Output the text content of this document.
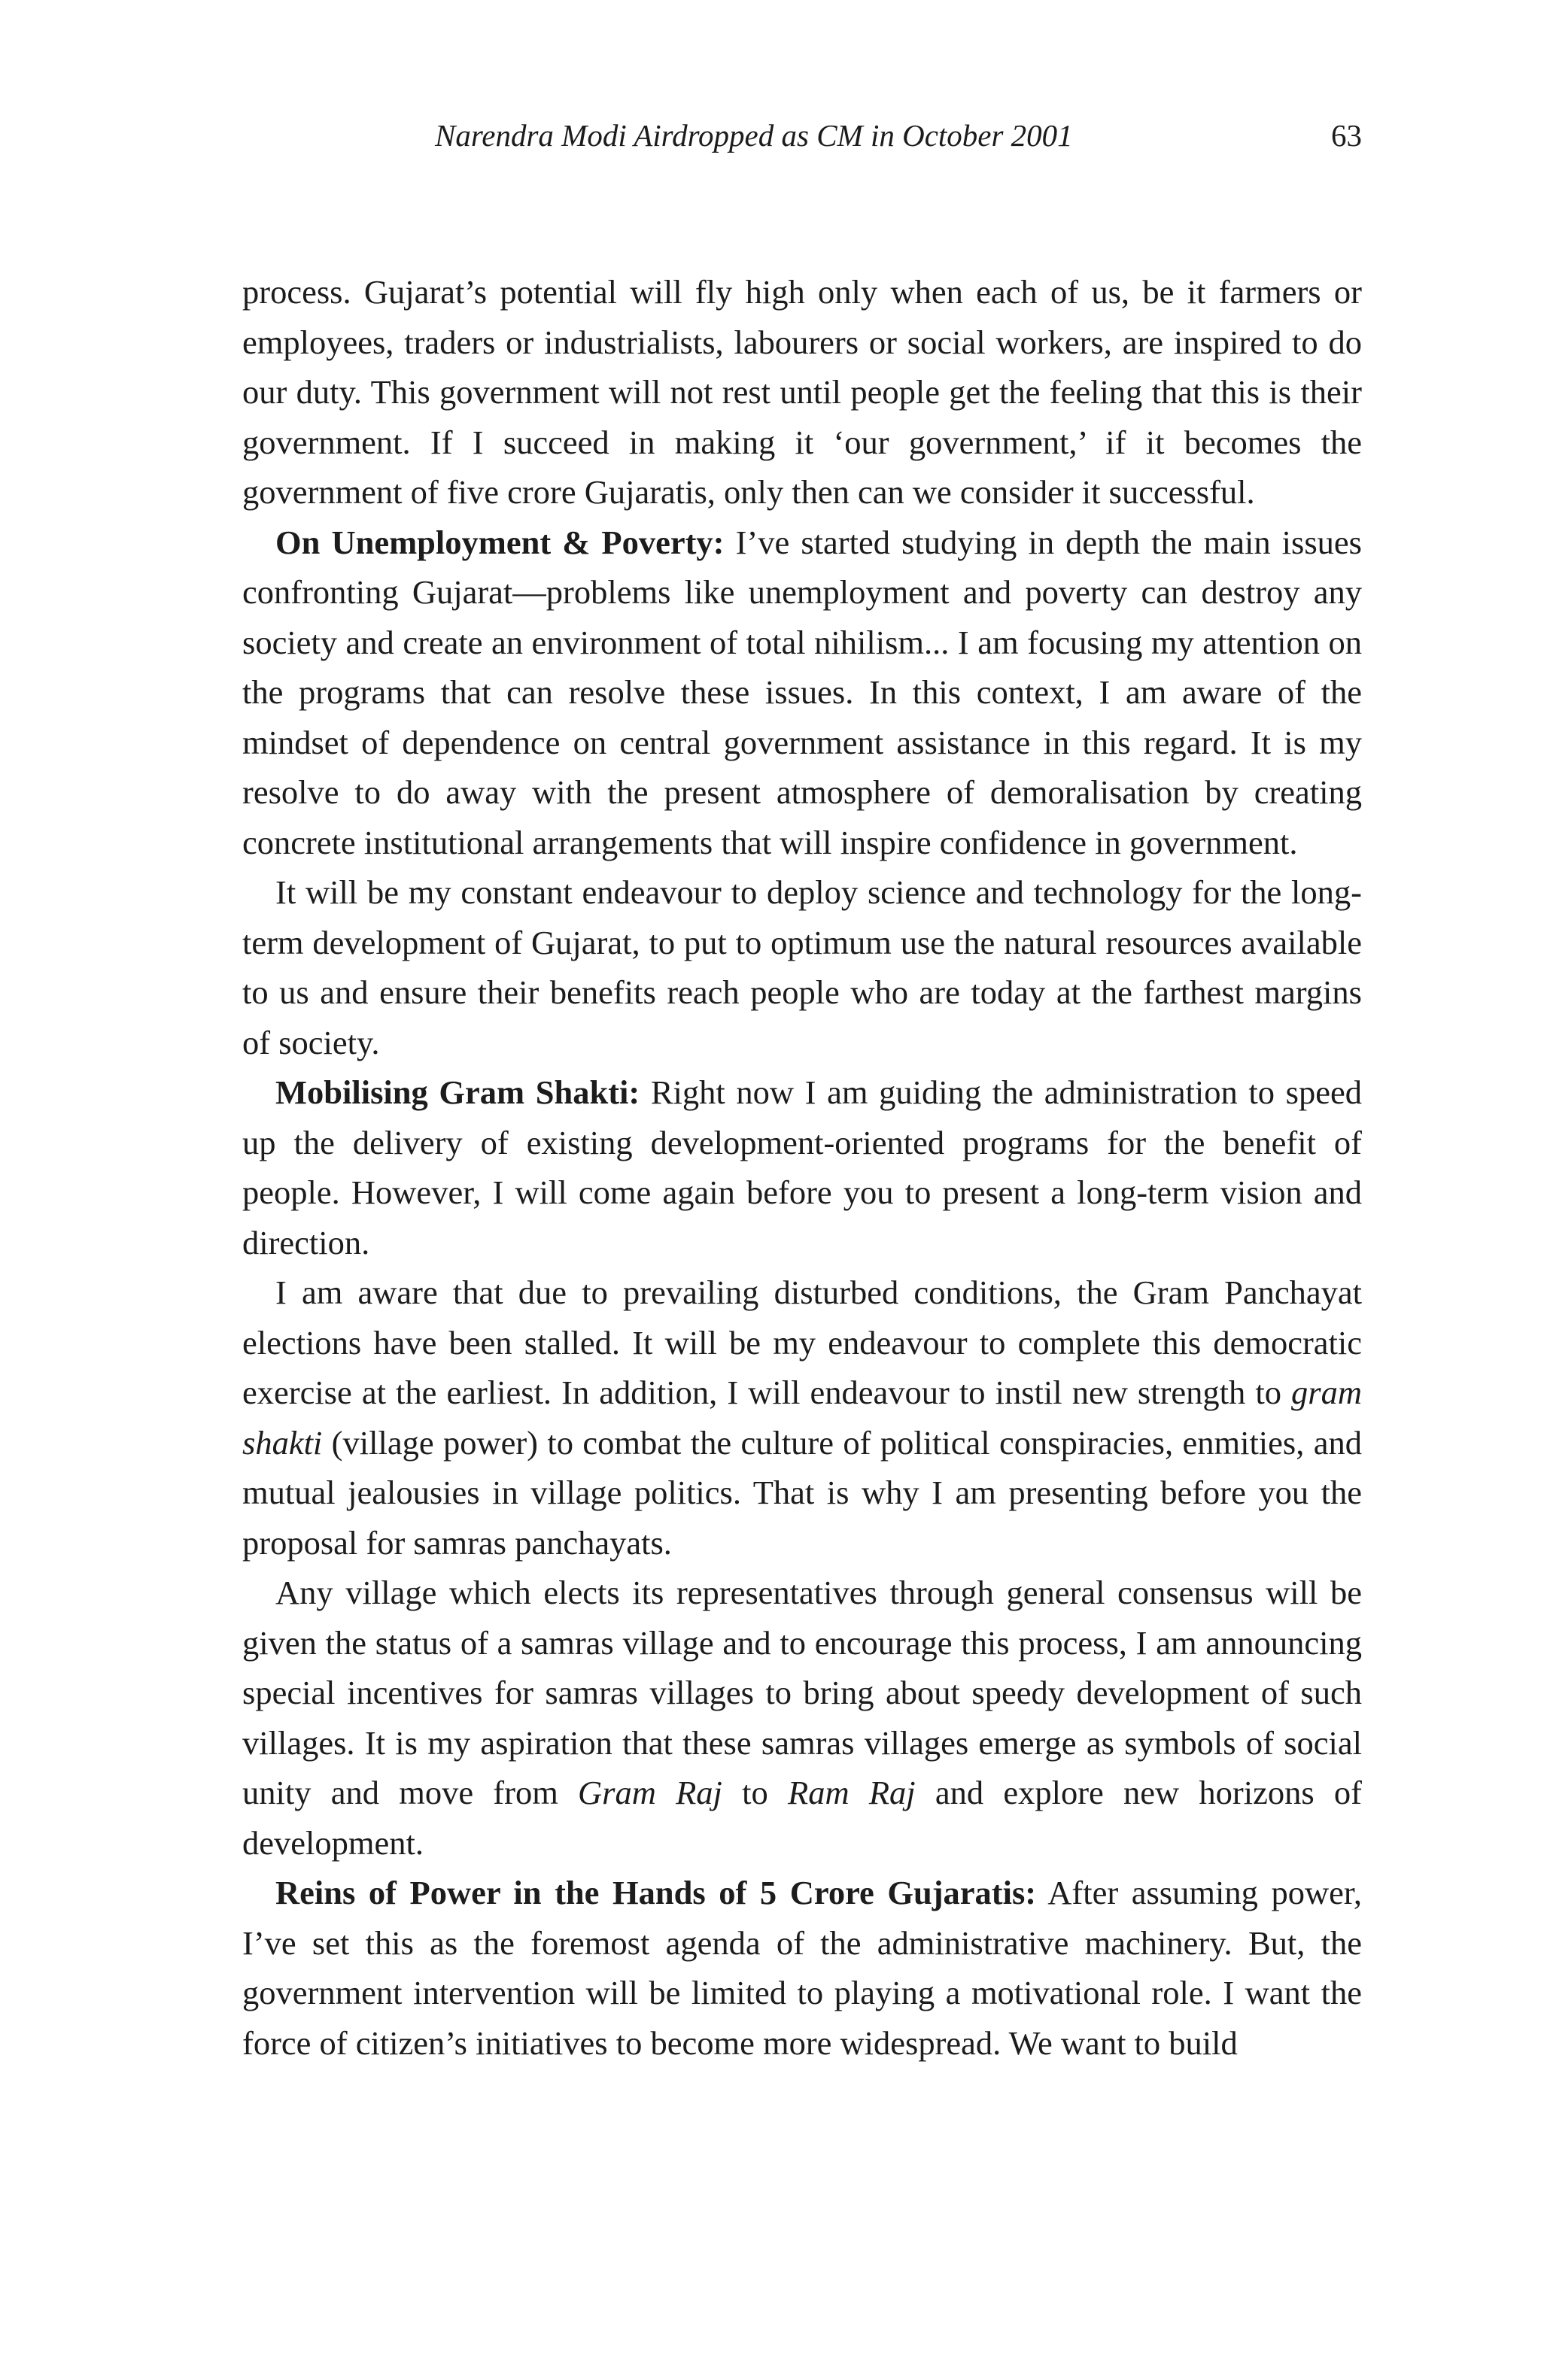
Narendra Modi Airdropped as CM in October 2001	63

process. Gujarat’s potential will fly high only when each of us, be it farmers or employees, traders or industrialists, labourers or social workers, are inspired to do our duty. This government will not rest until people get the feeling that this is their government. If I succeed in making it ‘our government,’ if it becomes the government of five crore Gujaratis, only then can we consider it successful.

On Unemployment & Poverty: I’ve started studying in depth the main issues confronting Gujarat—problems like unemployment and poverty can destroy any society and create an environment of total nihilism... I am focusing my attention on the programs that can resolve these issues. In this context, I am aware of the mindset of dependence on central government assistance in this regard. It is my resolve to do away with the present atmosphere of demoralisation by creating concrete institutional arrangements that will inspire confidence in government.

It will be my constant endeavour to deploy science and technology for the long-term development of Gujarat, to put to optimum use the natural resources available to us and ensure their benefits reach people who are today at the farthest margins of society.

Mobilising Gram Shakti: Right now I am guiding the administration to speed up the delivery of existing development-oriented programs for the benefit of people. However, I will come again before you to present a long-term vision and direction.

I am aware that due to prevailing disturbed conditions, the Gram Panchayat elections have been stalled. It will be my endeavour to complete this democratic exercise at the earliest. In addition, I will endeavour to instil new strength to gram shakti (village power) to combat the culture of political conspiracies, enmities, and mutual jealousies in village politics. That is why I am presenting before you the proposal for samras panchayats.

Any village which elects its representatives through general consensus will be given the status of a samras village and to encourage this process, I am announcing special incentives for samras villages to bring about speedy development of such villages. It is my aspiration that these samras villages emerge as symbols of social unity and move from Gram Raj to Ram Raj and explore new horizons of development.

Reins of Power in the Hands of 5 Crore Gujaratis: After assuming power, I’ve set this as the foremost agenda of the administrative machinery. But, the government intervention will be limited to playing a motivational role. I want the force of citizen’s initiatives to become more widespread. We want to build
